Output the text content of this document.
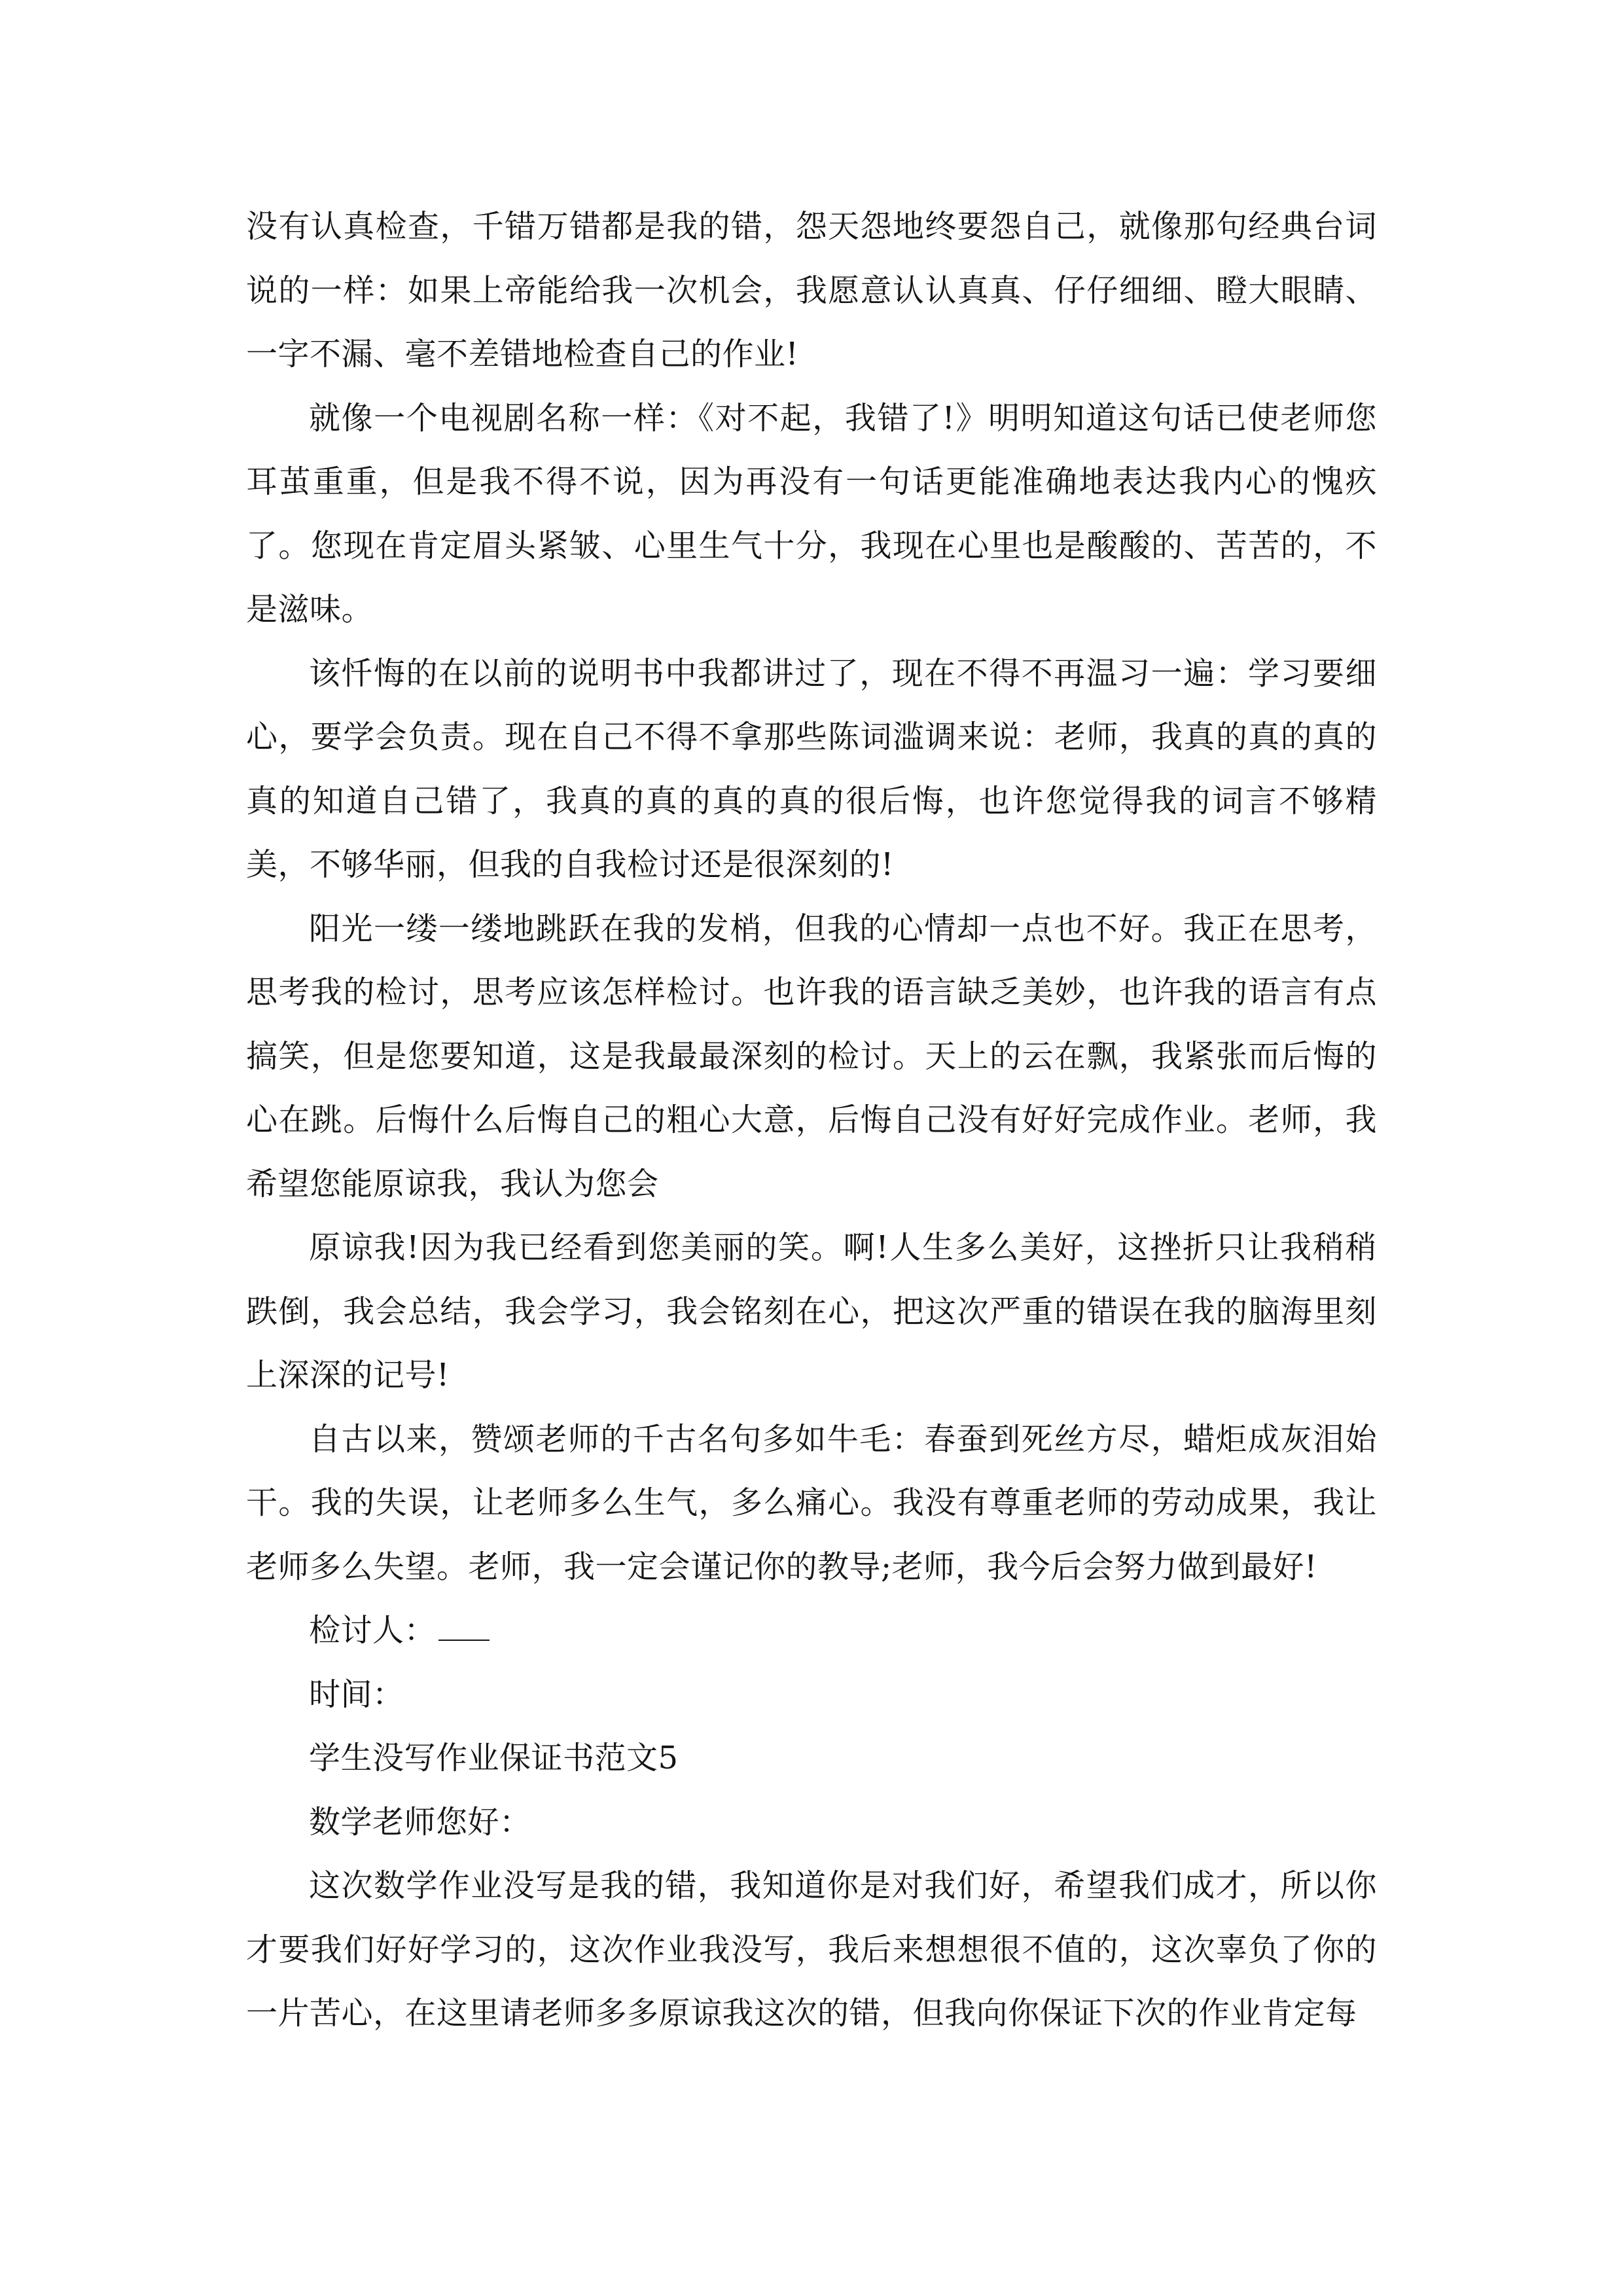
没有认真检查，千错万错都是我的错，怨天怨地终要怨自己，就像那句经典台词说的一样：如果上帝能给我一次机会，我愿意认认真真、仔仔细细、瞪大眼睛、一字不漏、毫不差错地检查自己的作业!

就像一个电视剧名称一样：《对不起，我错了!》明明知道这句话已使老师您耳茧重重，但是我不得不说，因为再没有一句话更能准确地表达我内心的愧疚了。您现在肯定眉头紧皱、心里生气十分，我现在心里也是酸酸的、苦苦的，不是滋味。

该忏悔的在以前的说明书中我都讲过了，现在不得不再温习一遍：学习要细心，要学会负责。现在自己不得不拿那些陈词滥调来说：老师，我真的真的真的真的知道自己错了，我真的真的真的真的很后悔，也许您觉得我的词言不够精美，不够华丽，但我的自我检讨还是很深刻的!

阳光一缕一缕地跳跃在我的发梢，但我的心情却一点也不好。我正在思考，思考我的检讨，思考应该怎样检讨。也许我的语言缺乏美妙，也许我的语言有点搞笑，但是您要知道，这是我最最深刻的检讨。天上的云在飘，我紧张而后悔的心在跳。后悔什么后悔自己的粗心大意，后悔自己没有好好完成作业。老师，我希望您能原谅我，我认为您会

原谅我!因为我已经看到您美丽的笑。啊!人生多么美好，这挫折只让我稍稍跌倒，我会总结，我会学习，我会铭刻在心，把这次严重的错误在我的脑海里刻上深深的记号!

自古以来，赞颂老师的千古名句多如牛毛：春蚕到死丝方尽，蜡炬成灰泪始干。我的失误，让老师多么生气，多么痛心。我没有尊重老师的劳动成果，我让老师多么失望。老师，我一定会谨记你的教导;老师，我今后会努力做到最好!

检讨人：

时间：

学生没写作业保证书范文5

数学老师您好：

这次数学作业没写是我的错，我知道你是对我们好，希望我们成才，所以你才要我们好好学习的，这次作业我没写，我后来想想很不值的，这次辜负了你的一片苦心，在这里请老师多多原谅我这次的错，但我向你保证下次的作业肯定每
